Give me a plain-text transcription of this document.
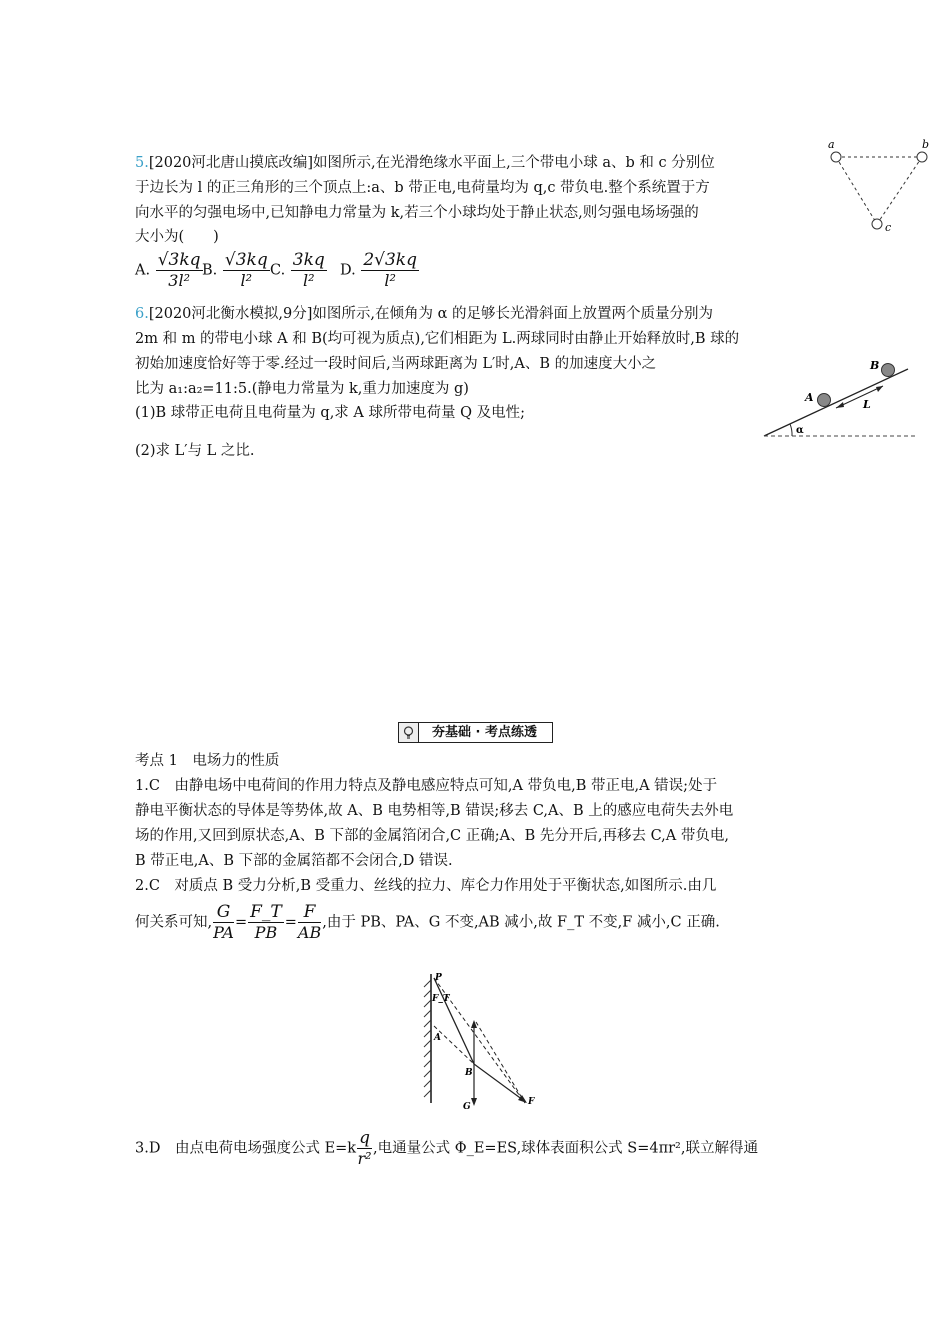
5.[2020河北唐山摸底改编]如图所示,在光滑绝缘水平面上,三个带电小球 a、b 和 c 分别位
于边长为 l 的正三角形的三个顶点上:a、b 带正电,电荷量均为 q,c 带负电.整个系统置于方
向水平的匀强电场中,已知静电力常量为 k,若三个小球均处于静止状态,则匀强电场场强的
大小为(　　)
A. $\frac{√3kq}{\text{3l²}} B$. $\frac{√3kq}{\text{l²}} C$. $\frac{3kq}{\text{l²}} D$. $\frac{2√3kq}{\text{l²}}$
a	b
c
6.[2020河北衡水模拟,9分]如图所示,在倾角为 α 的足够长光滑斜面上放置两个质量分别为
2m 和 m 的带电小球 A 和 B(均可视为质点),它们相距为 L.两球同时由静止开始释放时,B 球的
初始加速度恰好等于零.经过一段时间后,当两球距离为 L′时,A、B 的加速度大小之
比为 a₁:a₂=11:5.(静电力常量为 k,重力加速度为 g)
(1)B 球带正电荷且电荷量为 q,求 A 球所带电荷量 Q 及电性;
(2)求 L′与 L 之比.
A
B
L
α
夯基础 · 考点练透
考点 1　电场力的性质
1.C　由静电场中电荷间的作用力特点及静电感应特点可知,A 带负电,B 带正电,A 错误;处于
静电平衡状态的导体是等势体,故 A、B 电势相等,B 错误;移去 C,A、B 上的感应电荷失去外电
场的作用,又回到原状态,A、B 下部的金属箔闭合,C 正确;A、B 先分开后,再移去 C,A 带负电,
B 带正电,A、B 下部的金属箔都不会闭合,D 错误.
2.C　对质点 B 受力分析,B 受重力、丝线的拉力、库仑力作用处于平衡状态,如图所示.由几
何关系可知, $\frac{G}{PA} = \frac{F\_T}{PB} = \frac{F}{AB}$ ,由于 PB、PA、G 不变,AB 减小,故 F_T 不变,F 减小,C 正确.
P
F_T
A
B
G	F
3.D　由点电荷电场强度公式 $E=k \frac{q}{\text{r²}}$ ,电通量公式 Φ_E=ES,球体表面积公式 S=4πr²,联立解得通
